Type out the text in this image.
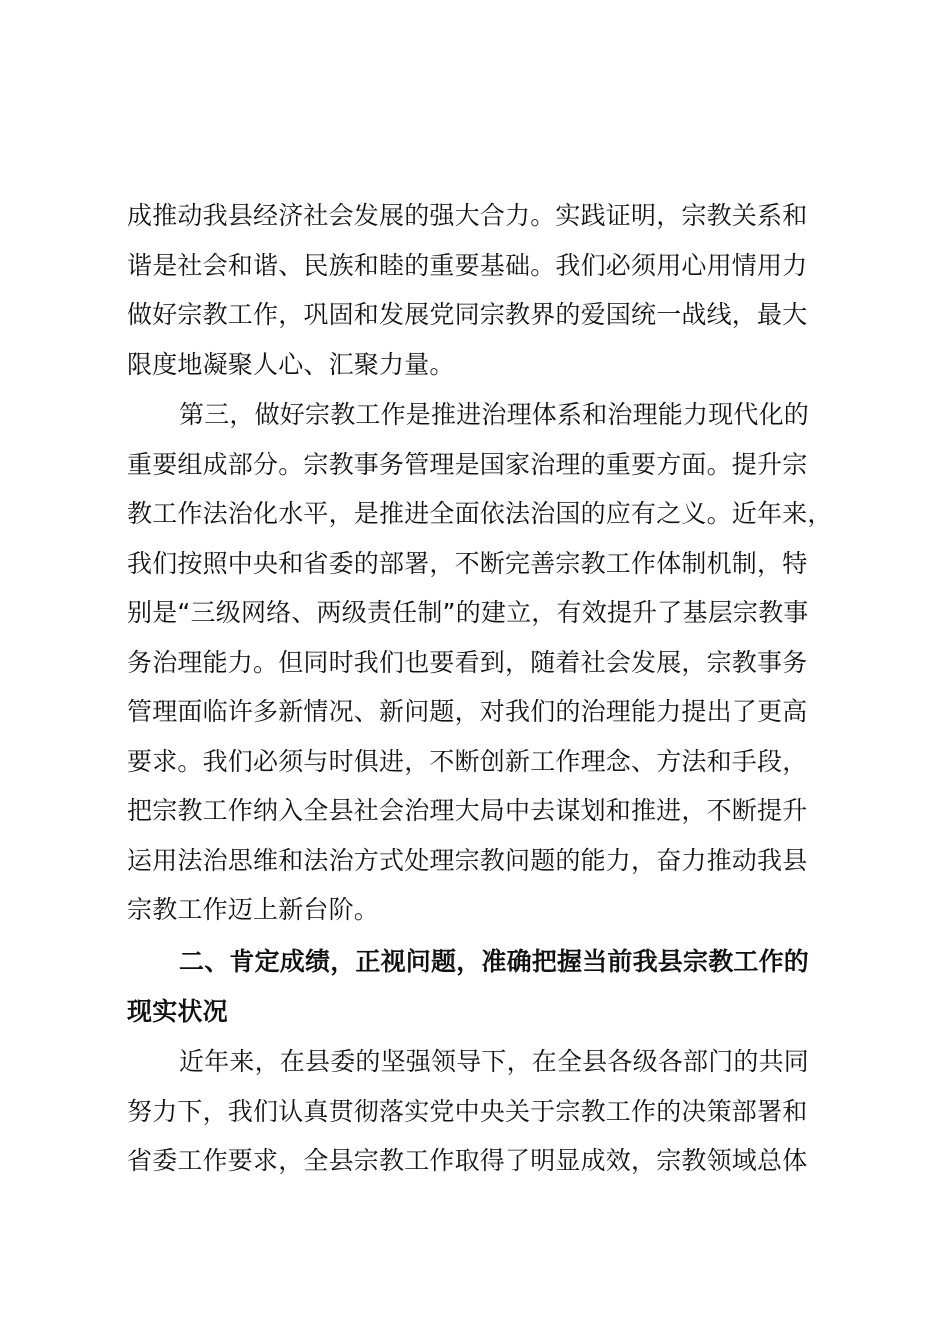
成推动我县经济社会发展的强大合力。实践证明，宗教关系和
谐是社会和谐、民族和睦的重要基础。我们必须用心用情用力
做好宗教工作，巩固和发展党同宗教界的爱国统一战线，最大
限度地凝聚人心、汇聚力量。
第三，做好宗教工作是推进治理体系和治理能力现代化的
重要组成部分。宗教事务管理是国家治理的重要方面。提升宗
教工作法治化水平，是推进全面依法治国的应有之义。近年来，
我们按照中央和省委的部署，不断完善宗教工作体制机制，特
别是“三级网络、两级责任制”的建立，有效提升了基层宗教事
务治理能力。但同时我们也要看到，随着社会发展，宗教事务
管理面临许多新情况、新问题，对我们的治理能力提出了更高
要求。我们必须与时俱进，不断创新工作理念、方法和手段，
把宗教工作纳入全县社会治理大局中去谋划和推进，不断提升
运用法治思维和法治方式处理宗教问题的能力，奋力推动我县
宗教工作迈上新台阶。
二、肯定成绩，正视问题，准确把握当前我县宗教工作的
现实状况
近年来，在县委的坚强领导下，在全县各级各部门的共同
努力下，我们认真贯彻落实党中央关于宗教工作的决策部署和
省委工作要求，全县宗教工作取得了明显成效，宗教领域总体
